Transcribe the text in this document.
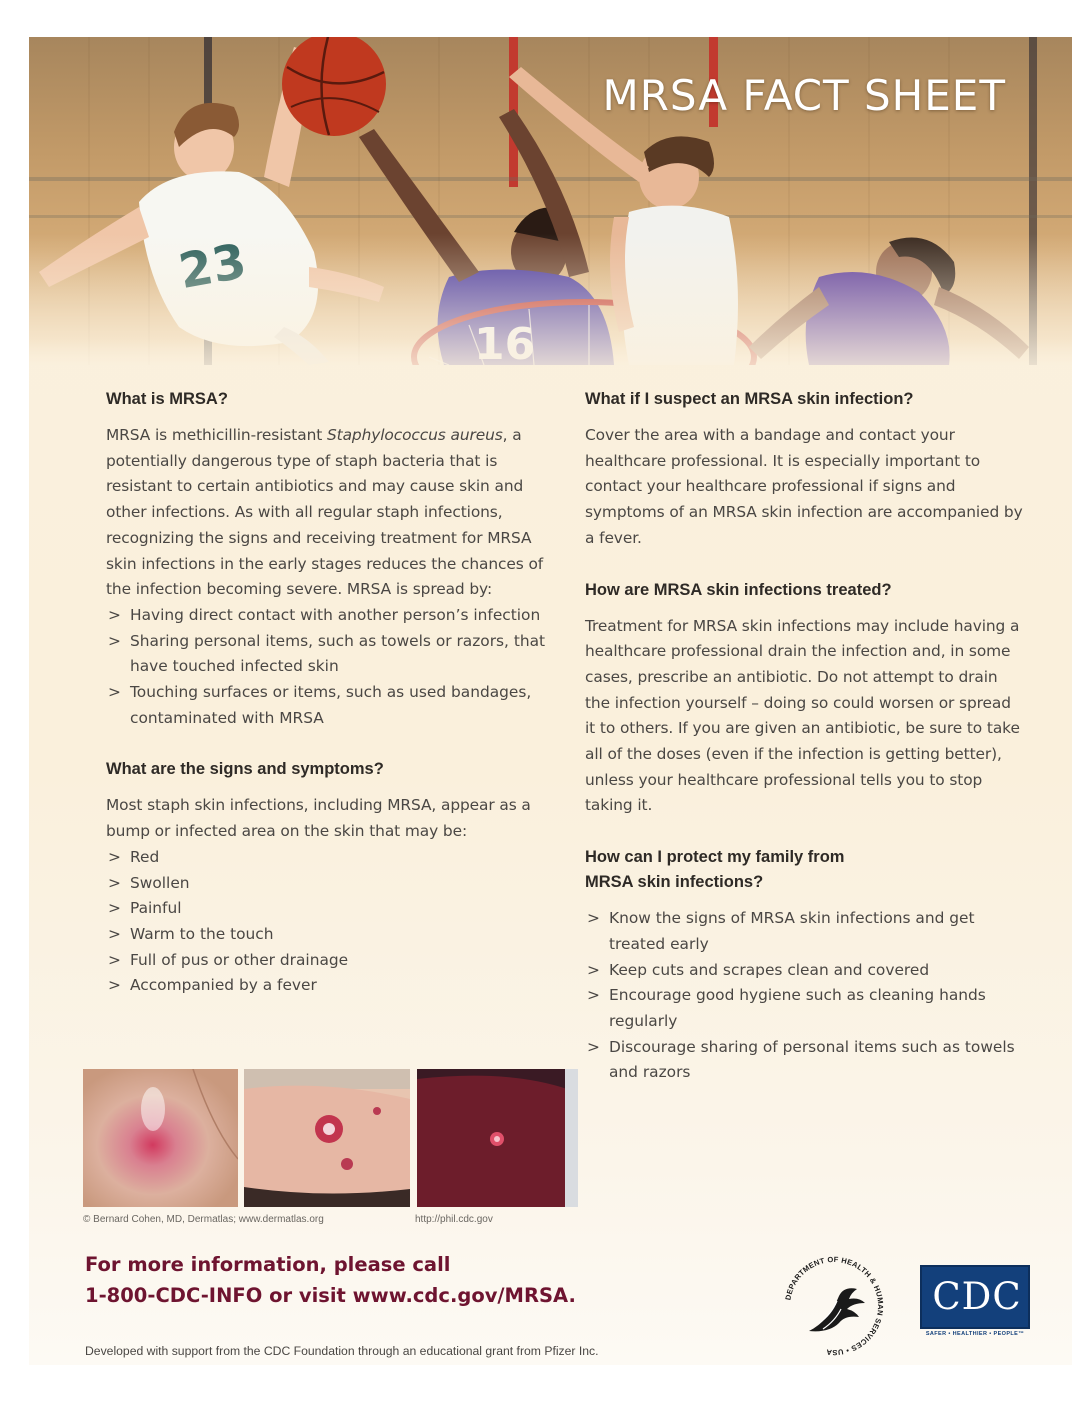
MRSA FACT SHEET
What is MRSA?

MRSA is methicillin-resistant Staphylococcus aureus, a potentially dangerous type of staph bacteria that is resistant to certain antibiotics and may cause skin and other infections. As with all regular staph infections, recognizing the signs and receiving treatment for MRSA skin infections in the early stages reduces the chances of the infection becoming severe. MRSA is spread by:

> Having direct contact with another person’s infection
> Sharing personal items, such as towels or razors, that have touched infected skin
> Touching surfaces or items, such as used bandages, contaminated with MRSA
What are the signs and symptoms?

Most staph skin infections, including MRSA, appear as a bump or infected area on the skin that may be:

> Red
> Swollen
> Painful
> Warm to the touch
> Full of pus or other drainage
> Accompanied by a fever
What if I suspect an MRSA skin infection?

Cover the area with a bandage and contact your healthcare professional. It is especially important to contact your healthcare professional if signs and symptoms of an MRSA skin infection are accompanied by a fever.

How are MRSA skin infections treated?

Treatment for MRSA skin infections may include having a healthcare professional drain the infection and, in some cases, prescribe an antibiotic. Do not attempt to drain the infection yourself – doing so could worsen or spread it to others. If you are given an antibiotic, be sure to take all of the doses (even if the infection is getting better), unless your healthcare professional tells you to stop taking it.

How can I protect my family from
MRSA skin infections?
> Know the signs of MRSA skin infections and get treated early
> Keep cuts and scrapes clean and covered
> Encourage good hygiene such as cleaning hands regularly
> Discourage sharing of personal items such as towels and razors
© Bernard Cohen, MD, Dermatlas; www.dermatlas.org	http://phil.cdc.gov
For more information, please call
1-800-CDC-INFO or visit www.cdc.gov/MRSA.	DEPARTMENT OF HEALTH & HUMAN SERVICES • USA
CDC
SAFER • HEALTHIER • PEOPLE™
Developed with support from the CDC Foundation through an educational grant from Pfizer Inc.
